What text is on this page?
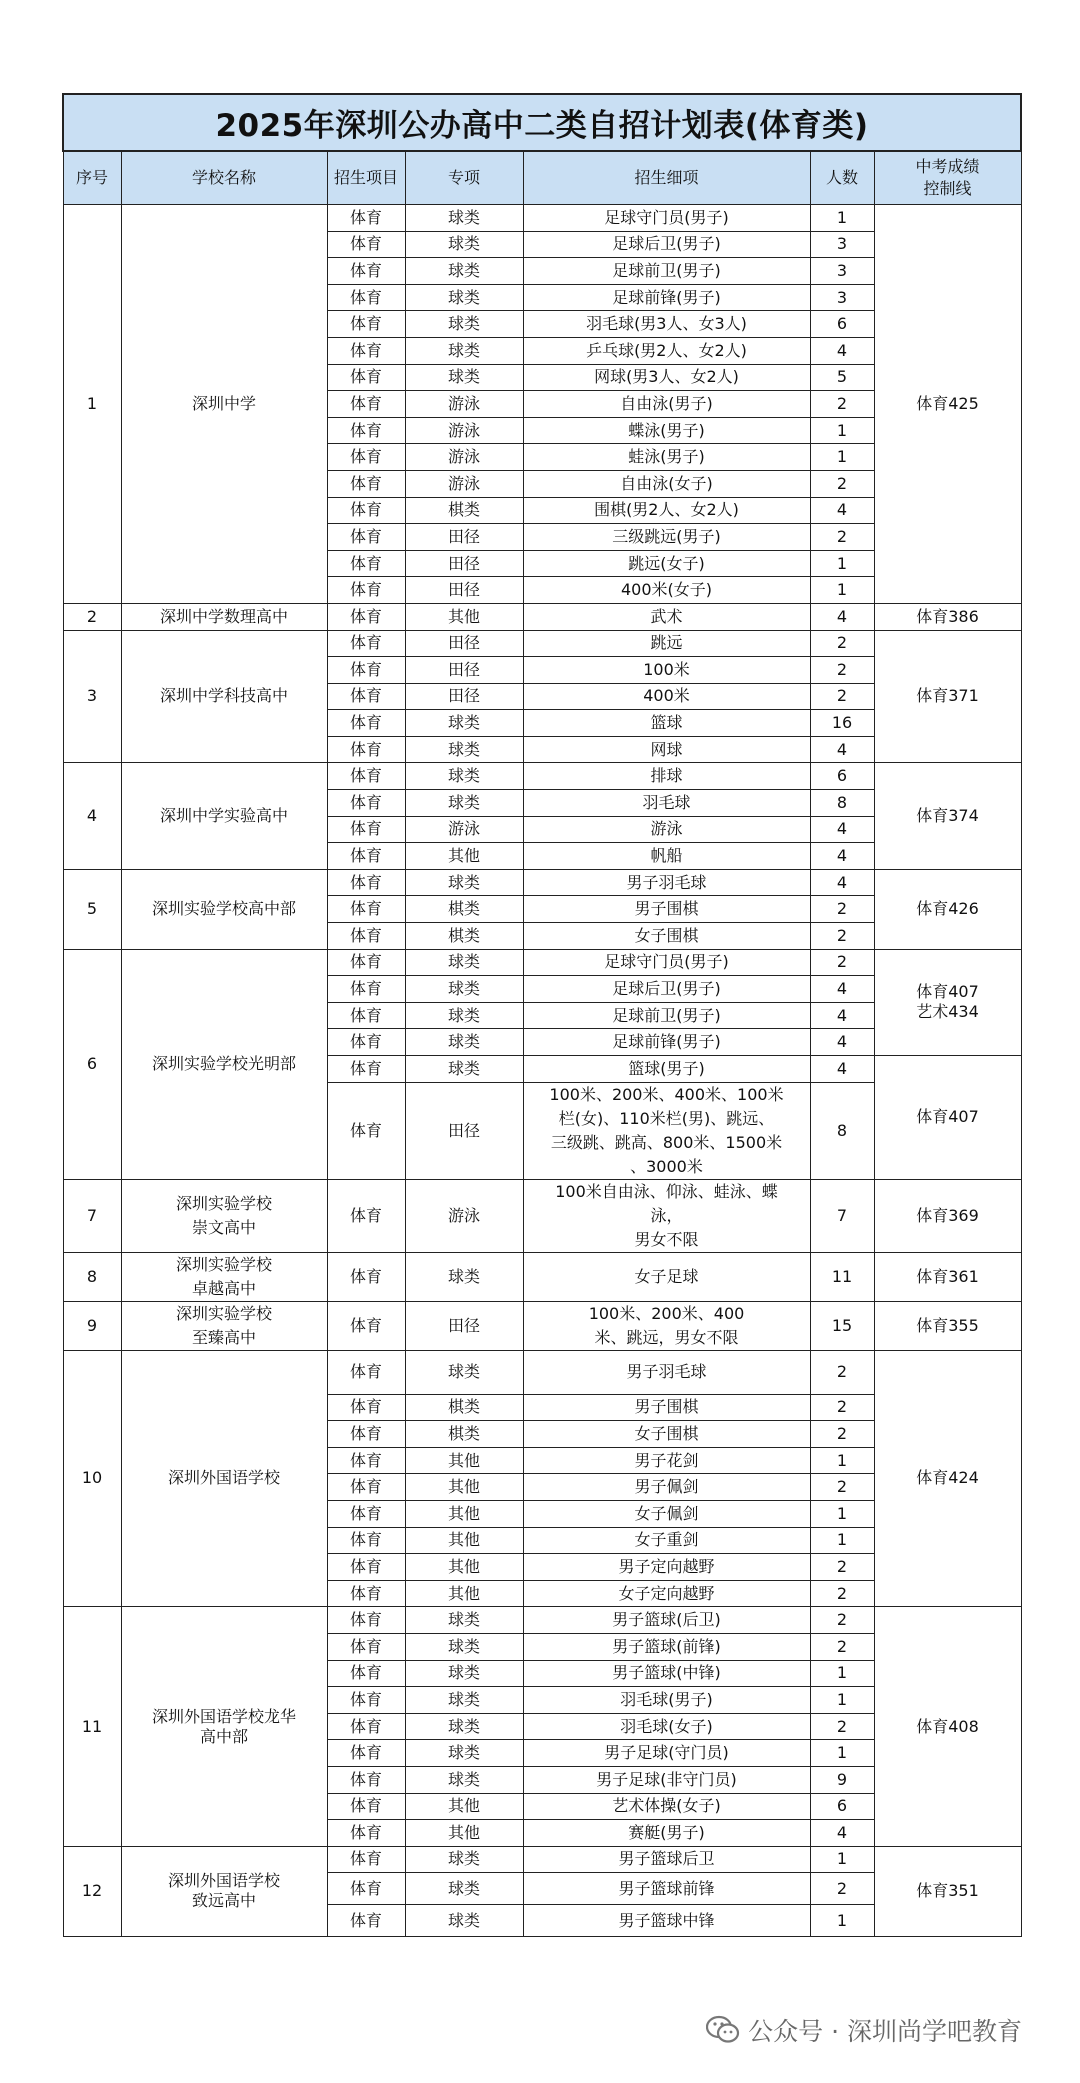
2025年深圳公办高中二类自招计划表(体育类)						
序号	学校名称	招生项目	专项	招生细项	人数	中考成绩
控制线
1	深圳中学	体育	球类	足球守门员(男子)	1	体育425
		体育	球类	足球后卫(男子)	3	
		体育	球类	足球前卫(男子)	3	
		体育	球类	足球前锋(男子)	3	
		体育	球类	羽毛球(男3人、女3人)	6	
		体育	球类	乒乓球(男2人、女2人)	4	
		体育	球类	网球(男3人、女2人)	5	
		体育	游泳	自由泳(男子)	2	
		体育	游泳	蝶泳(男子)	1	
		体育	游泳	蛙泳(男子)	1	
		体育	游泳	自由泳(女子)	2	
		体育	棋类	围棋(男2人、女2人)	4	
		体育	田径	三级跳远(男子)	2	
		体育	田径	跳远(女子)	1	
		体育	田径	400米(女子)	1	
2	深圳中学数理高中	体育	其他	武术	4	体育386
3	深圳中学科技高中	体育	田径	跳远	2	体育371
		体育	田径	100米	2	
		体育	田径	400米	2	
		体育	球类	篮球	16	
		体育	球类	网球	4	
4	深圳中学实验高中	体育	球类	排球	6	体育374
		体育	球类	羽毛球	8	
		体育	游泳	游泳	4	
		体育	其他	帆船	4	
5	深圳实验学校高中部	体育	球类	男子羽毛球	4	体育426
		体育	棋类	男子围棋	2	
		体育	棋类	女子围棋	2	
6	深圳实验学校光明部	体育	球类	足球守门员(男子)	2	体育407
艺术434
		体育	球类	足球后卫(男子)	4	
		体育	球类	足球前卫(男子)	4	
		体育	球类	足球前锋(男子)	4	
		体育	球类	篮球(男子)	4	体育407
		体育	田径	100米、200米、400米、100米
栏(女)、110米栏(男)、跳远、
三级跳、跳高、800米、1500米
、3000米	8	
7	深圳实验学校
崇文高中	体育	游泳	100米自由泳、仰泳、蛙泳、蝶
泳，
男女不限	7	体育369
8	深圳实验学校
卓越高中	体育	球类	女子足球	11	体育361
9	深圳实验学校
至臻高中	体育	田径	100米、200米、400
米、跳远，男女不限	15	体育355
10	深圳外国语学校	体育	球类	男子羽毛球	2	体育424
		体育	棋类	男子围棋	2	
		体育	棋类	女子围棋	2	
		体育	其他	男子花剑	1	
		体育	其他	男子佩剑	2	
		体育	其他	女子佩剑	1	
		体育	其他	女子重剑	1	
		体育	其他	男子定向越野	2	
		体育	其他	女子定向越野	2	
11	深圳外国语学校龙华
高中部	体育	球类	男子篮球(后卫)	2	体育408
		体育	球类	男子篮球(前锋)	2	
		体育	球类	男子篮球(中锋)	1	
		体育	球类	羽毛球(男子)	1	
		体育	球类	羽毛球(女子)	2	
		体育	球类	男子足球(守门员)	1	
		体育	球类	男子足球(非守门员)	9	
		体育	其他	艺术体操(女子)	6	
		体育	其他	赛艇(男子)	4	
12	深圳外国语学校
致远高中	体育	球类	男子篮球后卫	1	体育351
		体育	球类	男子篮球前锋	2	
		体育	球类	男子篮球中锋	1	
公众号 · 深圳尚学吧教育
